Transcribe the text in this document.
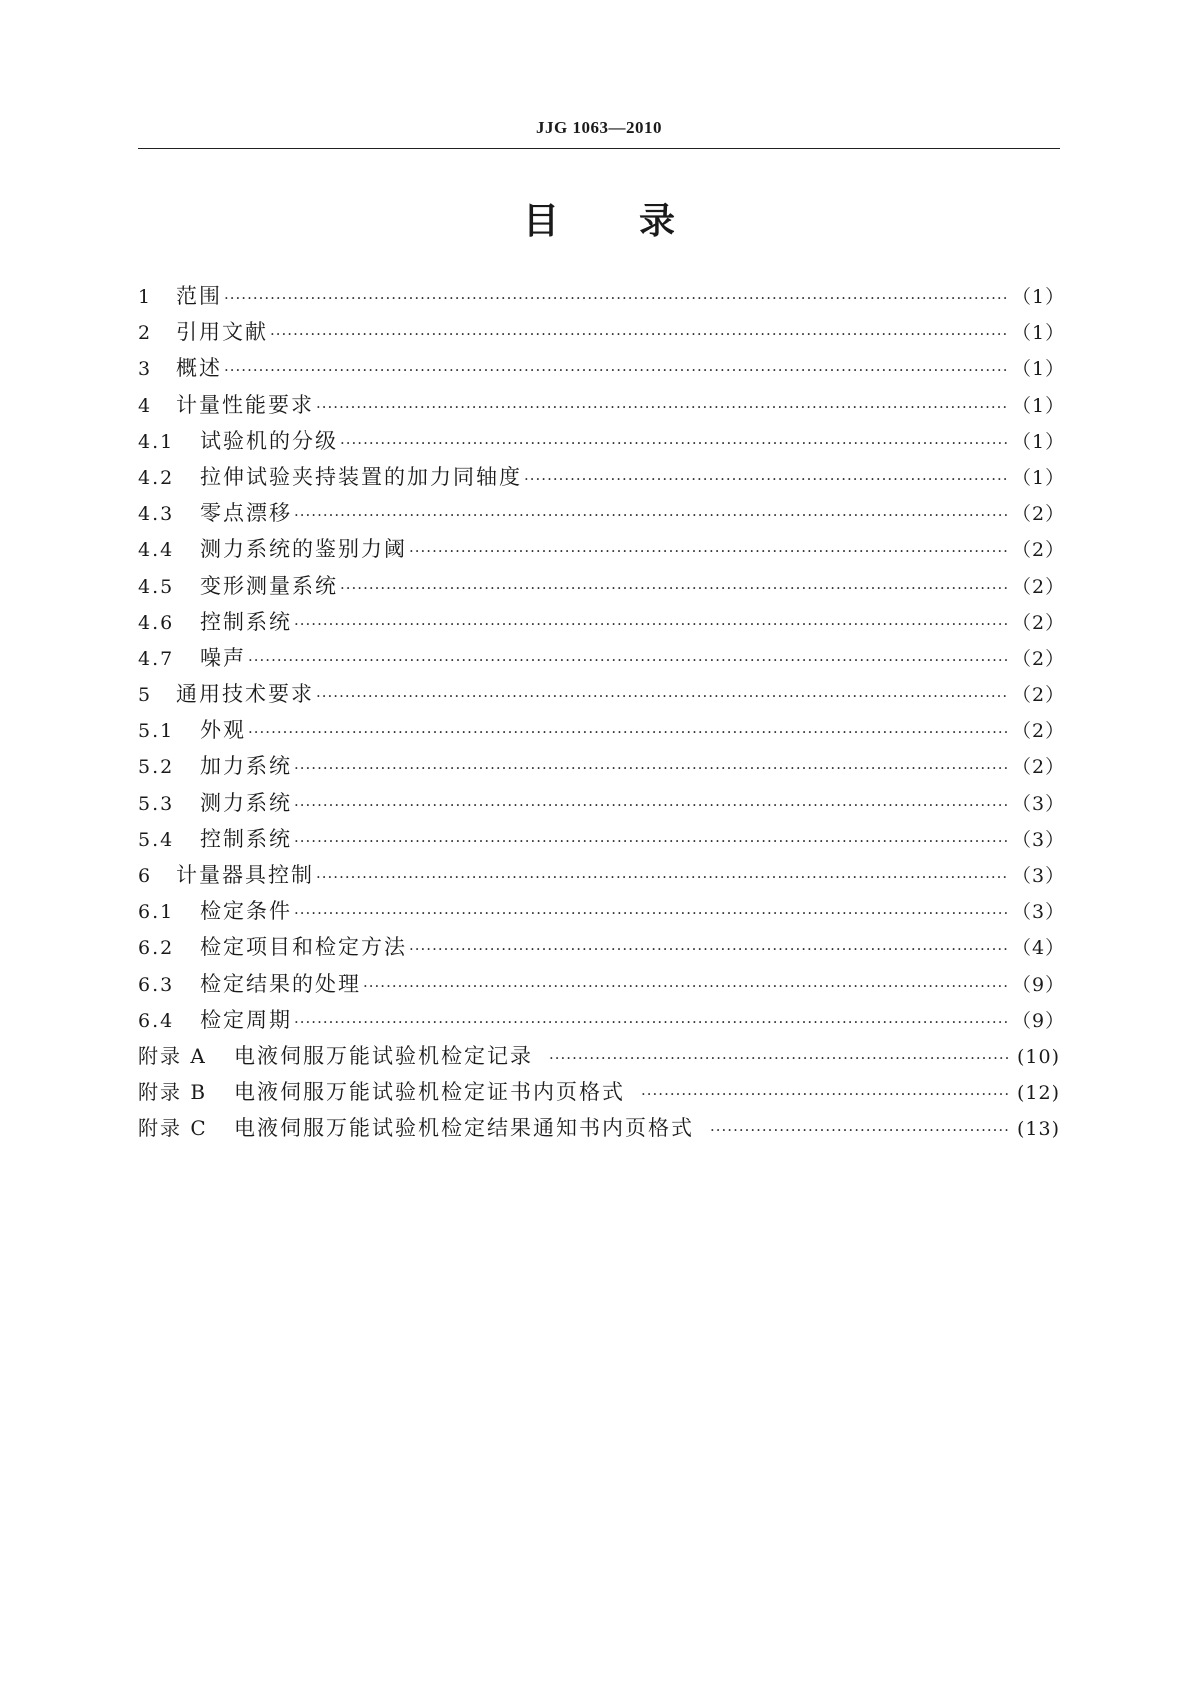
JJG 1063—2010
目录
1	范围 ·····	（1）
2	引用文献 ·····	（1）
3	概述 ·····	（1）
4	计量性能要求 ·····	（1）
4.1	试验机的分级 ·····	（1）
4.2	拉伸试验夹持装置的加力同轴度 ·····	（1）
4.3	零点漂移 ·····	（2）
4.4	测力系统的鉴别力阈 ·····	（2）
4.5	变形测量系统 ·····	（2）
4.6	控制系统 ·····	（2）
4.7	噪声 ·····	（2）
5	通用技术要求 ·····	（2）
5.1	外观 ·····	（2）
5.2	加力系统 ·····	（2）
5.3	测力系统 ·····	（3）
5.4	控制系统 ·····	（3）
6	计量器具控制 ·····	（3）
6.1	检定条件 ·····	（3）
6.2	检定项目和检定方法 ·····	（4）
6.3	检定结果的处理 ·····	（9）
6.4	检定周期 ·····	（9）
附录 A	电液伺服万能试验机检定记录 ·····	(10)
附录 B	电液伺服万能试验机检定证书内页格式 ·····	(12)
附录 C	电液伺服万能试验机检定结果通知书内页格式 ·····	(13)
